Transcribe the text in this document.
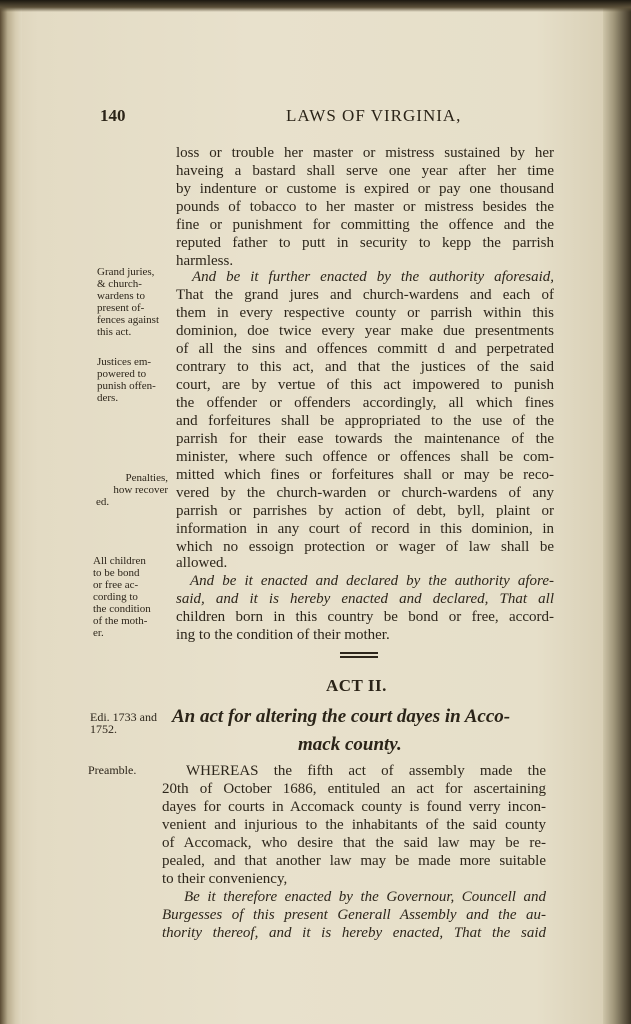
140	LAWS OF VIRGINIA,
loss or trouble her master or mistress sustained by her
haveing a bastard shall serve one year after her time
by indenture or custome is expired or pay one thousand
pounds of tobacco to her master or mistress besides the
fine or punishment for committing the offence and the
reputed father to putt in security to kepp the parrish
harmless.
And be it further enacted by the authority aforesaid,
That the grand jures and church-wardens and each of
them in every respective county or parrish within this
dominion, doe twice every year make due presentments
of all the sins and offences committ d and perpetrated
contrary to this act, and that the justices of the said
court, are by vertue of this act impowered to punish
the offender or offenders accordingly, all which fines
and forfeitures shall be appropriated to the use of the
parrish for their ease towards the maintenance of the
minister, where such offence or offences shall be com-
mitted which fines or forfeitures shall or may be reco-
vered by the church-warden or church-wardens of any
parrish or parrishes by action of debt, byll, plaint or
information in any court of record in this dominion, in
which no essoign protection or wager of law shall be
allowed.
And be it enacted and declared by the authority afore-
said, and it is hereby enacted and declared, That all
children born in this country be bond or free, accord-
ing to the condition of their mother.
Grand juries,
& church-
wardens to
present of-
fences against
this act.
Justices em-
powered to
punish offen-
ders.
Penalties,
how recover
ed.
All children
to be bond
or free ac-
cording to
the condition
of the moth-
er.
ACT II.
Edi. 1733 and
1752.
An act for altering the court dayes in Acco-
mack county.
Preamble.	WHEREAS the fifth act of assembly made the
20th of October 1686, entituled an act for ascertaining
dayes for courts in Accomack county is found verry incon-
venient and injurious to the inhabitants of the said county
of Accomack, who desire that the said law may be re-
pealed, and that another law may be made more suitable
to their conveniency,
Be it therefore enacted by the Governour, Councell and
Burgesses of this present Generall Assembly and the au-
thority thereof, and it is hereby enacted, That the said
